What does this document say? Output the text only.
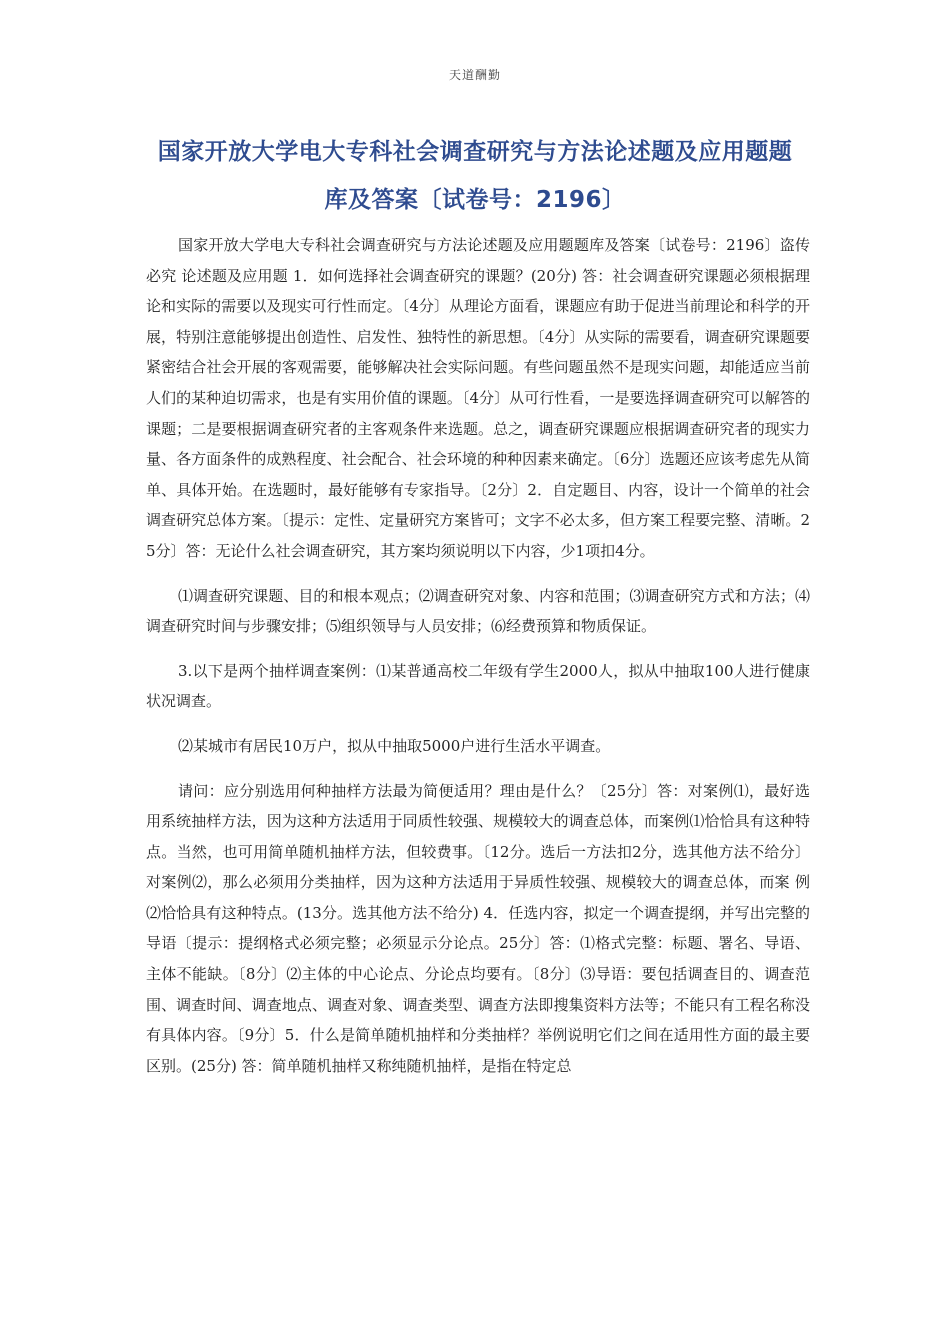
天道酬勤
国家开放大学电大专科社会调查研究与方法论述题及应用题题
库及答案〔试卷号：2196〕

国家开放大学电大专科社会调查研究与方法论述题及应用题题库及答案〔试卷号：2196〕盗传必究 论述题及应用题 1．如何选择社会调查研究的课题？(20分) 答：社会调查研究课题必须根据理论和实际的需要以及现实可行性而定。〔4分〕从理论方面看，课题应有助于促进当前理论和科学的开展，特别注意能够提出创造性、启发性、独特性的新思想。〔4分〕从实际的需要看，调查研究课题要紧密结合社会开展的客观需要，能够解决社会实际问题。有些问题虽然不是现实问题，却能适应当前人们的某种迫切需求，也是有实用价值的课题。〔4分〕从可行性看，一是要选择调查研究可以解答的课题；二是要根据调查研究者的主客观条件来选题。总之，调查研究课题应根据调查研究者的现实力量、各方面条件的成熟程度、社会配合、社会环境的种种因素来确定。〔6分〕选题还应该考虑先从简单、具体开始。在选题时，最好能够有专家指导。〔2分〕2．自定题目、内容，设计一个简单的社会调查研究总体方案。〔提示：定性、定量研究方案皆可；文字不必太多，但方案工程要完整、清晰。25分〕答：无论什么社会调查研究，其方案均须说明以下内容，少1项扣4分。

⑴调查研究课题、目的和根本观点；⑵调查研究对象、内容和范围；⑶调查研究方式和方法；⑷调查研究时间与步骤安排；⑸组织领导与人员安排；⑹经费预算和物质保证。

3.以下是两个抽样调查案例：⑴某普通高校二年级有学生2000人，拟从中抽取100人进行健康状况调查。

⑵某城市有居民10万户，拟从中抽取5000户进行生活水平调查。

请问：应分别选用何种抽样方法最为简便适用？理由是什么？〔25分〕答：对案例⑴，最好选用系统抽样方法，因为这种方法适用于同质性较强、规模较大的调查总体，而案例⑴恰恰具有这种特点。当然，也可用简单随机抽样方法，但较费事。〔12分。选后一方法扣2分，选其他方法不给分〕对案例⑵，那么必须用分类抽样，因为这种方法适用于异质性较强、规模较大的调查总体，而案 例⑵恰恰具有这种特点。(13分。选其他方法不给分) 4．任选内容，拟定一个调查提纲，并写出完整的导语〔提示：提纲格式必须完整；必须显示分论点。25分〕答：⑴格式完整：标题、署名、导语、主体不能缺。〔8分〕⑵主体的中心论点、分论点均要有。〔8分〕⑶导语：要包括调查目的、调查范围、调查时间、调查地点、调查对象、调查类型、调查方法即搜集资料方法等；不能只有工程名称没有具体内容。〔9分〕5．什么是简单随机抽样和分类抽样？举例说明它们之间在适用性方面的最主要区别。(25分) 答：简单随机抽样又称纯随机抽样，是指在特定总
